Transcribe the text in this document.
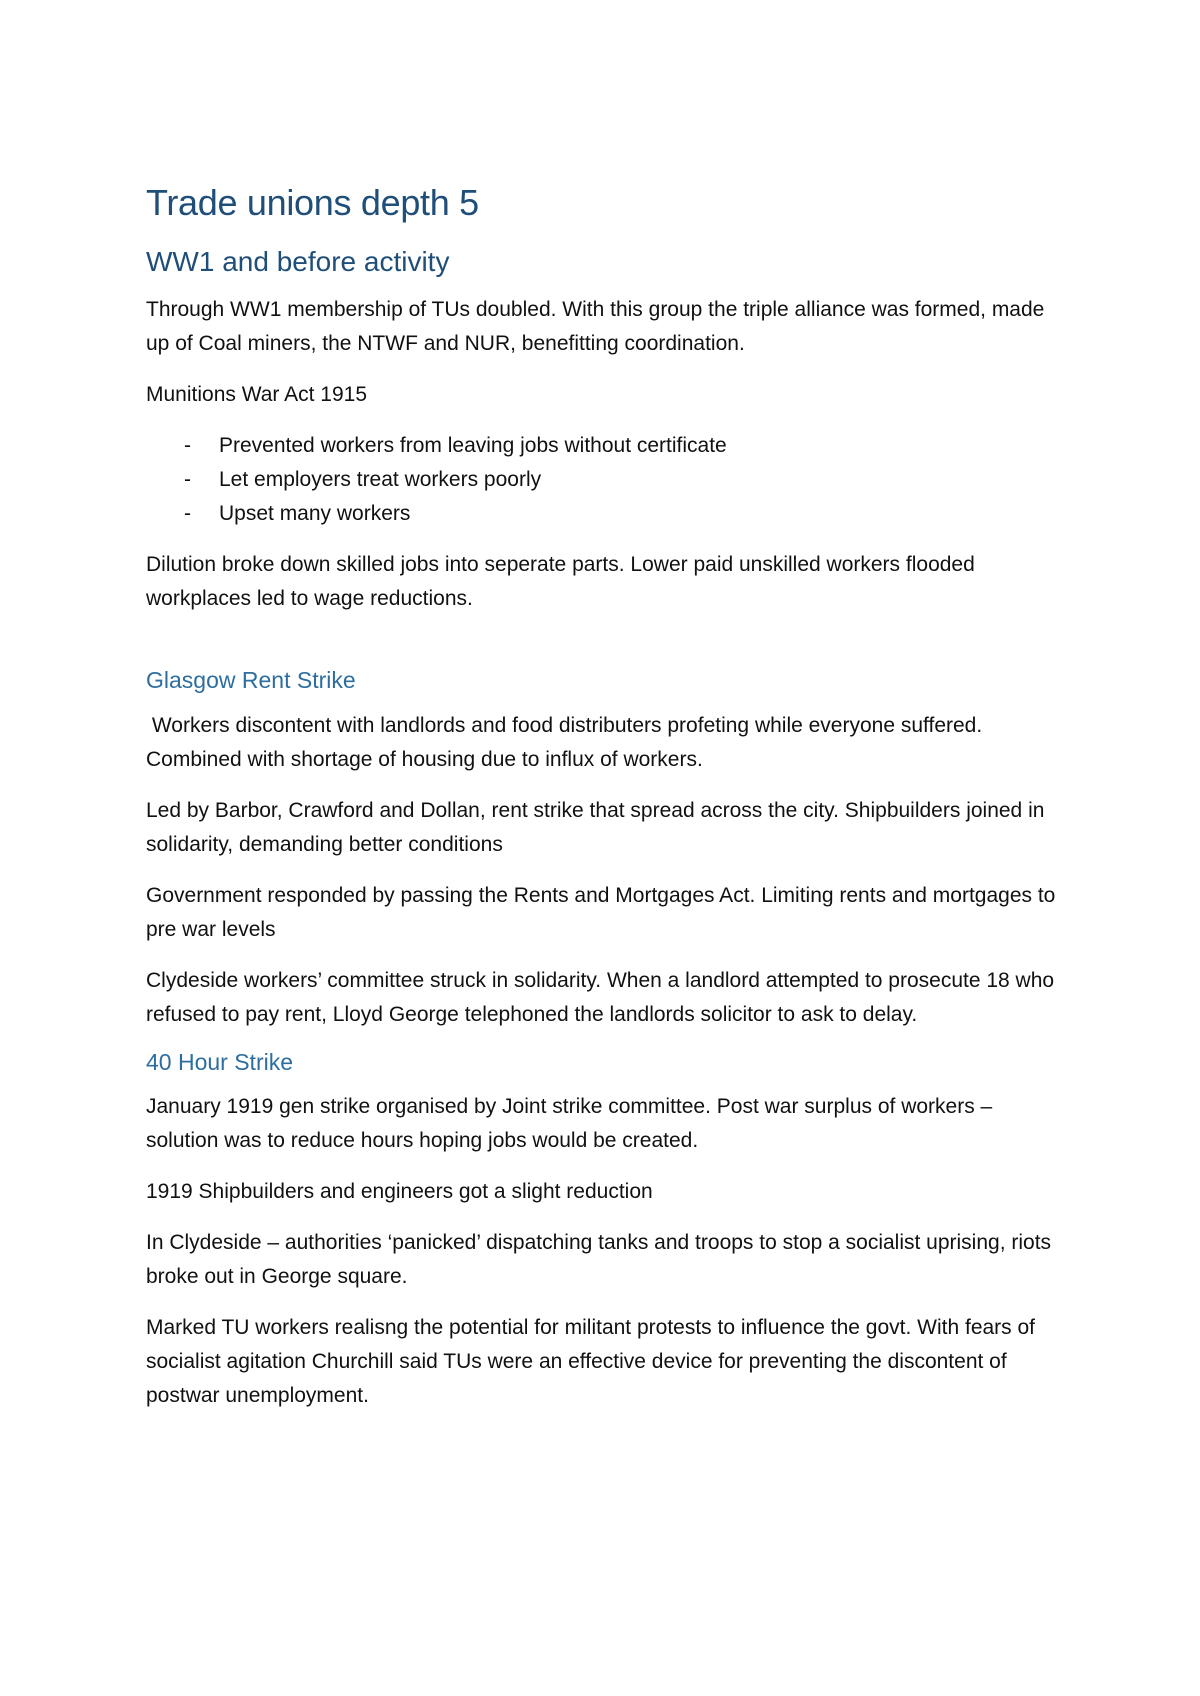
Trade unions depth 5
WW1 and before activity

Through WW1 membership of TUs doubled. With this group the triple alliance was formed, made up of Coal miners, the NTWF and NUR, benefitting coordination.

Munitions War Act 1915

- Prevented workers from leaving jobs without certificate
- Let employers treat workers poorly
- Upset many workers

Dilution broke down skilled jobs into seperate parts. Lower paid unskilled workers flooded workplaces led to wage reductions.

Glasgow Rent Strike

Workers discontent with landlords and food distributers profeting while everyone suffered. Combined with shortage of housing due to influx of workers.

Led by Barbor, Crawford and Dollan, rent strike that spread across the city. Shipbuilders joined in solidarity, demanding better conditions

Government responded by passing the Rents and Mortgages Act. Limiting rents and mortgages to pre war levels

Clydeside workers’ committee struck in solidarity. When a landlord attempted to prosecute 18 who refused to pay rent, Lloyd George telephoned the landlords solicitor to ask to delay.

40 Hour Strike

January 1919 gen strike organised by Joint strike committee. Post war surplus of workers – solution was to reduce hours hoping jobs would be created.

1919 Shipbuilders and engineers got a slight reduction

In Clydeside – authorities ‘panicked’ dispatching tanks and troops to stop a socialist uprising, riots broke out in George square.

Marked TU workers realisng the potential for militant protests to influence the govt. With fears of socialist agitation Churchill said TUs were an effective device for preventing the discontent of postwar unemployment.
